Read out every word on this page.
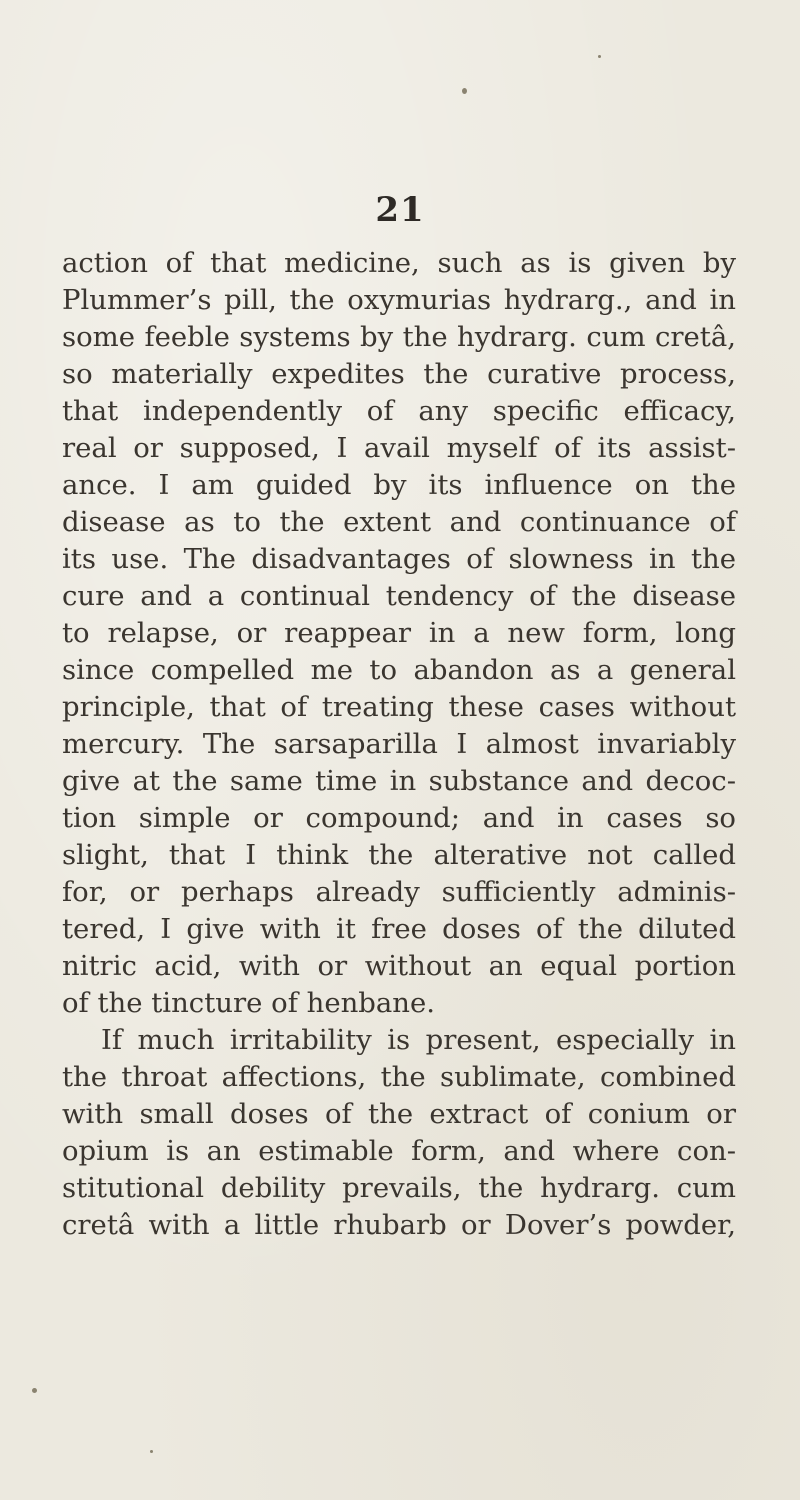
21
action of that medicine, such as is given by
Plummer’s pill, the oxymurias hydrarg., and in
some feeble systems by the hydrarg. cum cretâ,
so materially expedites the curative process,
that independently of any specific efficacy,
real or supposed, I avail myself of its assist-
ance. I am guided by its influence on the
disease as to the extent and continuance of
its use. The disadvantages of slowness in the
cure and a continual tendency of the disease
to relapse, or reappear in a new form, long
since compelled me to abandon as a general
principle, that of treating these cases without
mercury. The sarsaparilla I almost invariably
give at the same time in substance and decoc-
tion simple or compound; and in cases so
slight, that I think the alterative not called
for, or perhaps already sufficiently adminis-
tered, I give with it free doses of the diluted
nitric acid, with or without an equal portion
of the tincture of henbane.
If much irritability is present, especially in
the throat affections, the sublimate, combined
with small doses of the extract of conium or
opium is an estimable form, and where con-
stitutional debility prevails, the hydrarg. cum
cretâ with a little rhubarb or Dover’s powder,
